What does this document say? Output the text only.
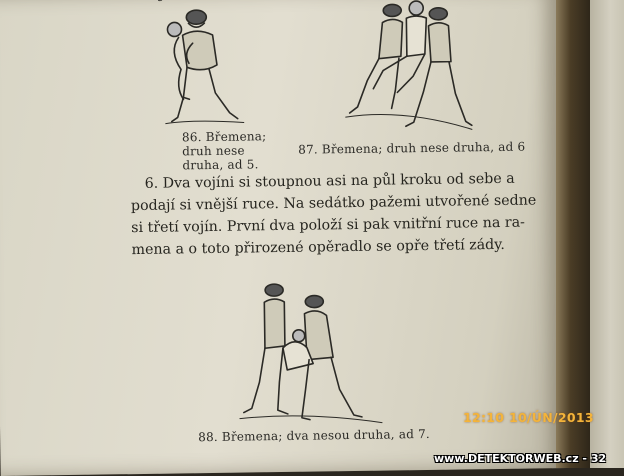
86. Břemena; druh nese druha, ad 5.
87. Břemena; druh nese druha, ad 6
6. Dva vojíni si stoupnou asi na půl kroku od sebe a
podají si vnější ruce. Na sedátko pažemi utvořené sedne
si třetí vojín. První dva položí si pak vnitřní ruce na ra-
mena a o toto přirozené opěradlo se opře třetí zády.
88. Břemena; dva nesou druha, ad 7.
12:10 10/ÚN/2013
www.DETEKTORWEB.cz - 32
